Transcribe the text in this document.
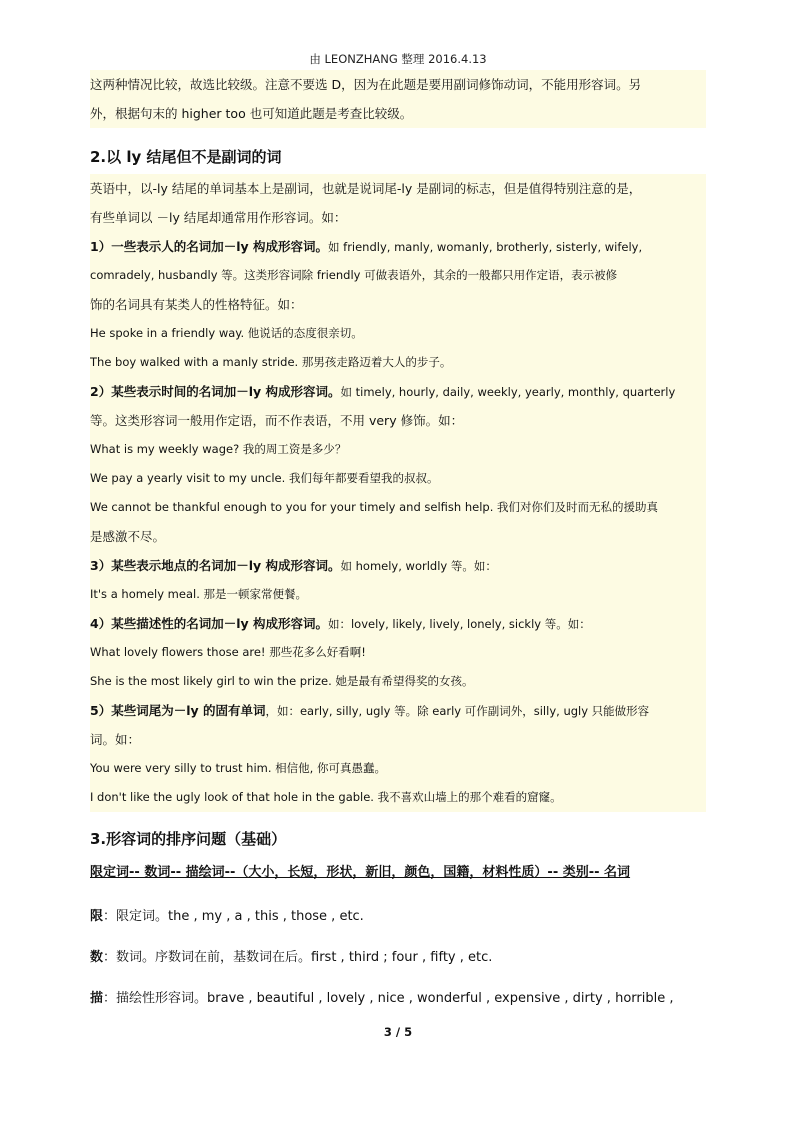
由 LEONZHANG 整理 2016.4.13
这两种情况比较，故选比较级。注意不要选 D，因为在此题是要用副词修饰动词，不能用形容词。另
外，根据句末的 higher too 也可知道此题是考查比较级。
2.以 ly 结尾但不是副词的词
英语中，以-ly 结尾的单词基本上是副词，也就是说词尾-ly 是副词的标志，但是值得特别注意的是，
有些单词以 －ly 结尾却通常用作形容词。如：
1）一些表示人的名词加－ly 构成形容词。如 friendly, manly, womanly, brotherly, sisterly, wifely,
comradely, husbandly 等。这类形容词除 friendly 可做表语外，其余的一般都只用作定语，表示被修
饰的名词具有某类人的性格特征。如：
He spoke in a friendly way. 他说话的态度很亲切。
The boy walked with a manly stride. 那男孩走路迈着大人的步子。
2）某些表示时间的名词加－ly 构成形容词。如 timely, hourly, daily, weekly, yearly, monthly, quarterly
等。这类形容词一般用作定语，而不作表语，不用 very 修饰。如：
What is my weekly wage? 我的周工资是多少？
We pay a yearly visit to my uncle. 我们每年都要看望我的叔叔。
We cannot be thankful enough to you for your timely and selfish help. 我们对你们及时而无私的援助真
是感激不尽。
3）某些表示地点的名词加－ly 构成形容词。如 homely, worldly 等。如：
It's a homely meal. 那是一顿家常便餐。
4）某些描述性的名词加－ly 构成形容词。如：lovely, likely, lively, lonely, sickly 等。如：
What lovely flowers those are! 那些花多么好看啊!
She is the most likely girl to win the prize. 她是最有希望得奖的女孩。
5）某些词尾为－ly 的固有单词，如：early, silly, ugly 等。除 early 可作副词外，silly, ugly 只能做形容
词。如：
You were very silly to trust him. 相信他, 你可真愚蠢。
I don't like the ugly look of that hole in the gable. 我不喜欢山墙上的那个难看的窟窿。
3.形容词的排序问题（基础）
限定词-- 数词-- 描绘词--（大小，长短，形状，新旧，颜色，国籍，材料性质）-- 类别-- 名词
限：限定词。the , my , a , this , those , etc.
数：数词。序数词在前，基数词在后。first , third ; four , fifty , etc.
描：描绘性形容词。brave , beautiful , lovely , nice , wonderful , expensive , dirty , horrible ,
3 / 5
